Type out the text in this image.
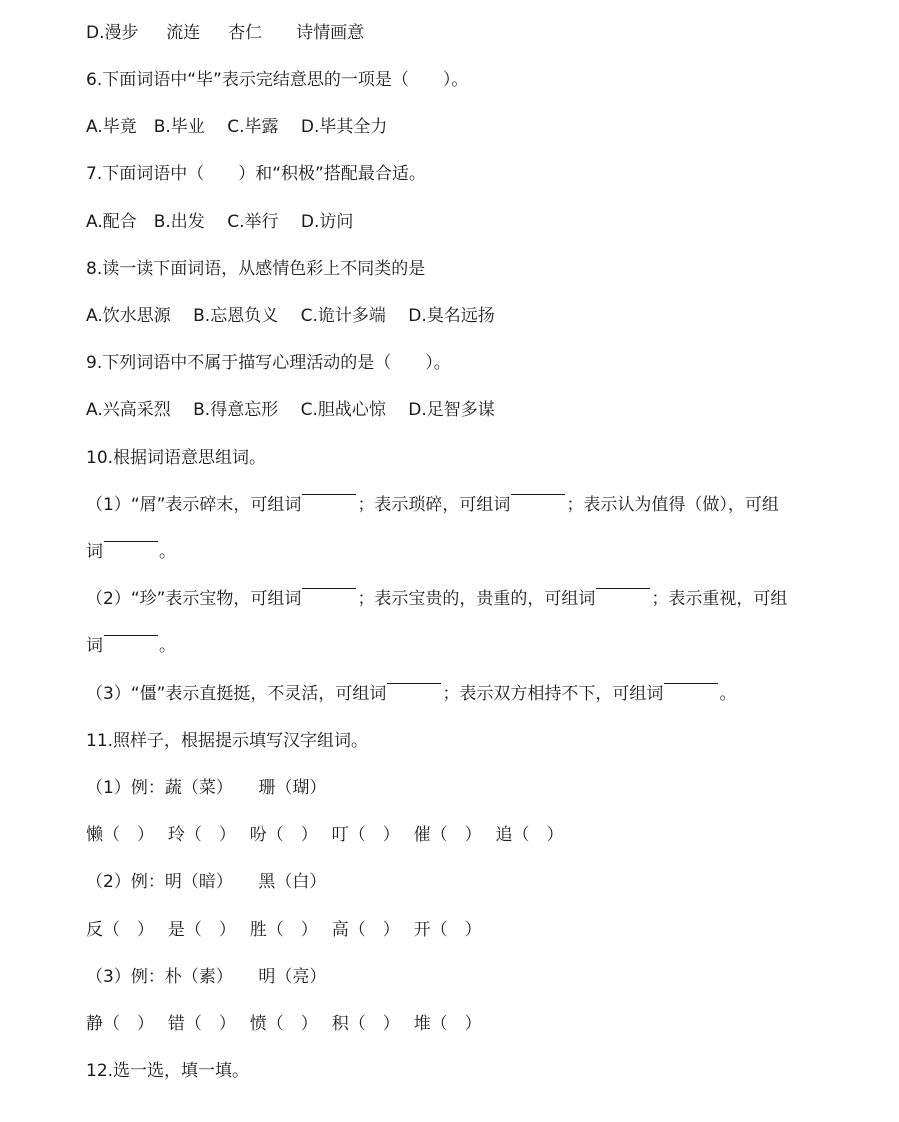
D.漫步　  流连　  杏仁　　诗情画意
6.下面词语中“毕”表示完结意思的一项是（　　）。
A.毕竟　B.毕业　 C.毕露　 D.毕其全力
7.下面词语中（　　）和“积极”搭配最合适。
A.配合　B.出发　 C.举行　 D.访问
8.读一读下面词语，从感情色彩上不同类的是
A.饮水思源　 B.忘恩负义　 C.诡计多端　 D.臭名远扬
9.下列词语中不属于描写心理活动的是（　　）。
A.兴高采烈　 B.得意忘形　 C.胆战心惊　 D.足智多谋
10.根据词语意思组词。
（1）“屑”表示碎末，可组词	；表示琐碎，可组词	；表示认为值得（做），可组
词	。
（2）“珍”表示宝物，可组词	；表示宝贵的，贵重的，可组词	；表示重视，可组
词	。
（3）“僵”表示直挺挺，不灵活，可组词	；表示双方相持不下，可组词	。
11.照样子，根据提示填写汉字组词。
（1）例：蔬（菜）　　珊（瑚）
懒（　）　 玲（　）　 吩（　）　 叮（　）　 催（　）　 追（　）
（2）例：明（暗）　　黑（白）
反（　）　 是（　）　 胜（　）　 高（　）　 开（　）
（3）例：朴（素）　　明（亮）
静（　）　 错（　）　 愤（　）　 积（　）　 堆（　）
12.选一选，填一填。
